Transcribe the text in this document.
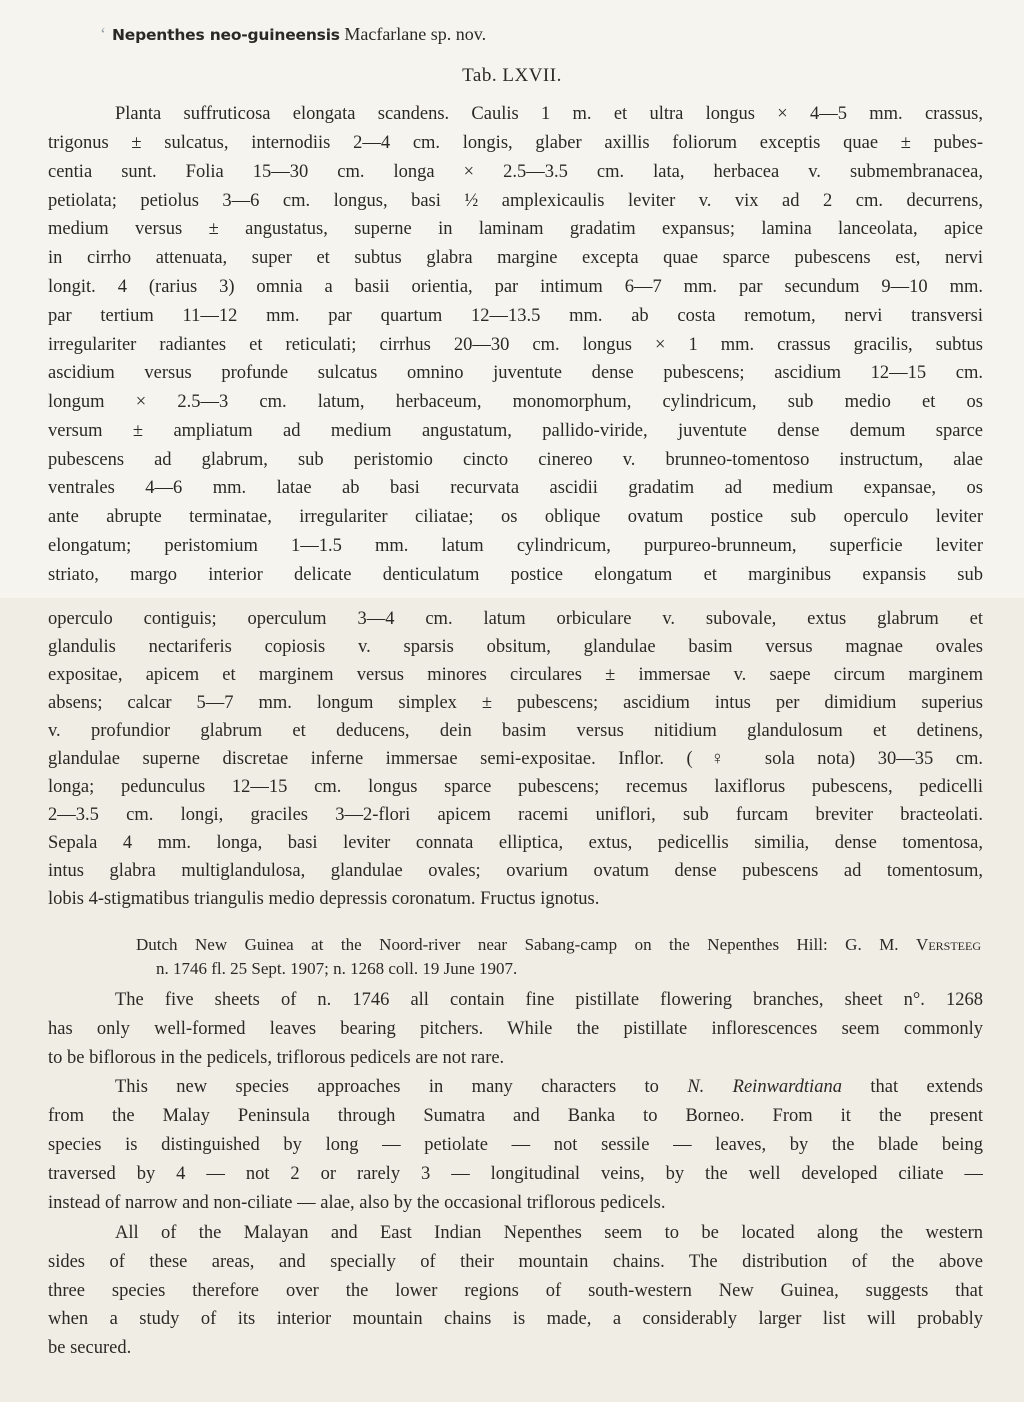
‘ Nepenthes neo-guineensis Macfarlane sp. nov.
Tab. LXVII.
Planta suffruticosa elongata scandens. Caulis 1 m. et ultra longus × 4—5 mm. crassus,
trigonus ± sulcatus, internodiis 2—4 cm. longis, glaber axillis foliorum exceptis quae ± pubes-
centia sunt. Folia 15—30 cm. longa × 2.5—3.5 cm. lata, herbacea v. submembranacea,
petiolata; petiolus 3—6 cm. longus, basi ½ amplexicaulis leviter v. vix ad 2 cm. decurrens,
medium versus ± angustatus, superne in laminam gradatim expansus; lamina lanceolata, apice
in cirrho attenuata, super et subtus glabra margine excepta quae sparce pubescens est, nervi
longit. 4 (rarius 3) omnia a basii orientia, par intimum 6—7 mm. par secundum 9—10 mm.
par tertium 11—12 mm. par quartum 12—13.5 mm. ab costa remotum, nervi transversi
irregulariter radiantes et reticulati; cirrhus 20—30 cm. longus × 1 mm. crassus gracilis, subtus
ascidium versus profunde sulcatus omnino juventute dense pubescens; ascidium 12—15 cm.
longum × 2.5—3 cm. latum, herbaceum, monomorphum, cylindricum, sub medio et os
versum ± ampliatum ad medium angustatum, pallido-viride, juventute dense demum sparce
pubescens ad glabrum, sub peristomio cincto cinereo v. brunneo-tomentoso instructum, alae
ventrales 4—6 mm. latae ab basi recurvata ascidii gradatim ad medium expansae, os
ante abrupte terminatae, irregulariter ciliatae; os oblique ovatum postice sub operculo leviter
elongatum; peristomium 1—1.5 mm. latum cylindricum, purpureo-brunneum, superficie leviter
striato, margo interior delicate denticulatum postice elongatum et marginibus expansis sub
operculo contiguis; operculum 3—4 cm. latum orbiculare v. subovale, extus glabrum et
glandulis nectariferis copiosis v. sparsis obsitum, glandulae basim versus magnae ovales
expositae, apicem et marginem versus minores circulares ± immersae v. saepe circum marginem
absens; calcar 5—7 mm. longum simplex ± pubescens; ascidium intus per dimidium superius
v. profundior glabrum et deducens, dein basim versus nitidium glandulosum et detinens,
glandulae superne discretae inferne immersae semi-expositae. Inflor. (♀ sola nota) 30—35 cm.
longa; pedunculus 12—15 cm. longus sparce pubescens; recemus laxiflorus pubescens, pedicelli
2—3.5 cm. longi, graciles 3—2-flori apicem racemi uniflori, sub furcam breviter bracteolati.
Sepala 4 mm. longa, basi leviter connata elliptica, extus, pedicellis similia, dense tomentosa,
intus glabra multiglandulosa, glandulae ovales; ovarium ovatum dense pubescens ad tomentosum,
lobis 4-stigmatibus triangulis medio depressis coronatum. Fructus ignotus.
Dutch New Guinea at the Noord-river near Sabang-camp on the Nepenthes Hill: G. M. Versteeg
n. 1746 fl. 25 Sept. 1907; n. 1268 coll. 19 June 1907.
The five sheets of n. 1746 all contain fine pistillate flowering branches, sheet n°. 1268
has only well-formed leaves bearing pitchers. While the pistillate inflorescences seem commonly
to be biflorous in the pedicels, triflorous pedicels are not rare.
This new species approaches in many characters to N. Reinwardtiana that extends
from the Malay Peninsula through Sumatra and Banka to Borneo. From it the present
species is distinguished by long — petiolate — not sessile — leaves, by the blade being
traversed by 4 — not 2 or rarely 3 — longitudinal veins, by the well developed ciliate —
instead of narrow and non-ciliate — alae, also by the occasional triflorous pedicels.
All of the Malayan and East Indian Nepenthes seem to be located along the western
sides of these areas, and specially of their mountain chains. The distribution of the above
three species therefore over the lower regions of south-western New Guinea, suggests that
when a study of its interior mountain chains is made, a considerably larger list will probably
be secured.
